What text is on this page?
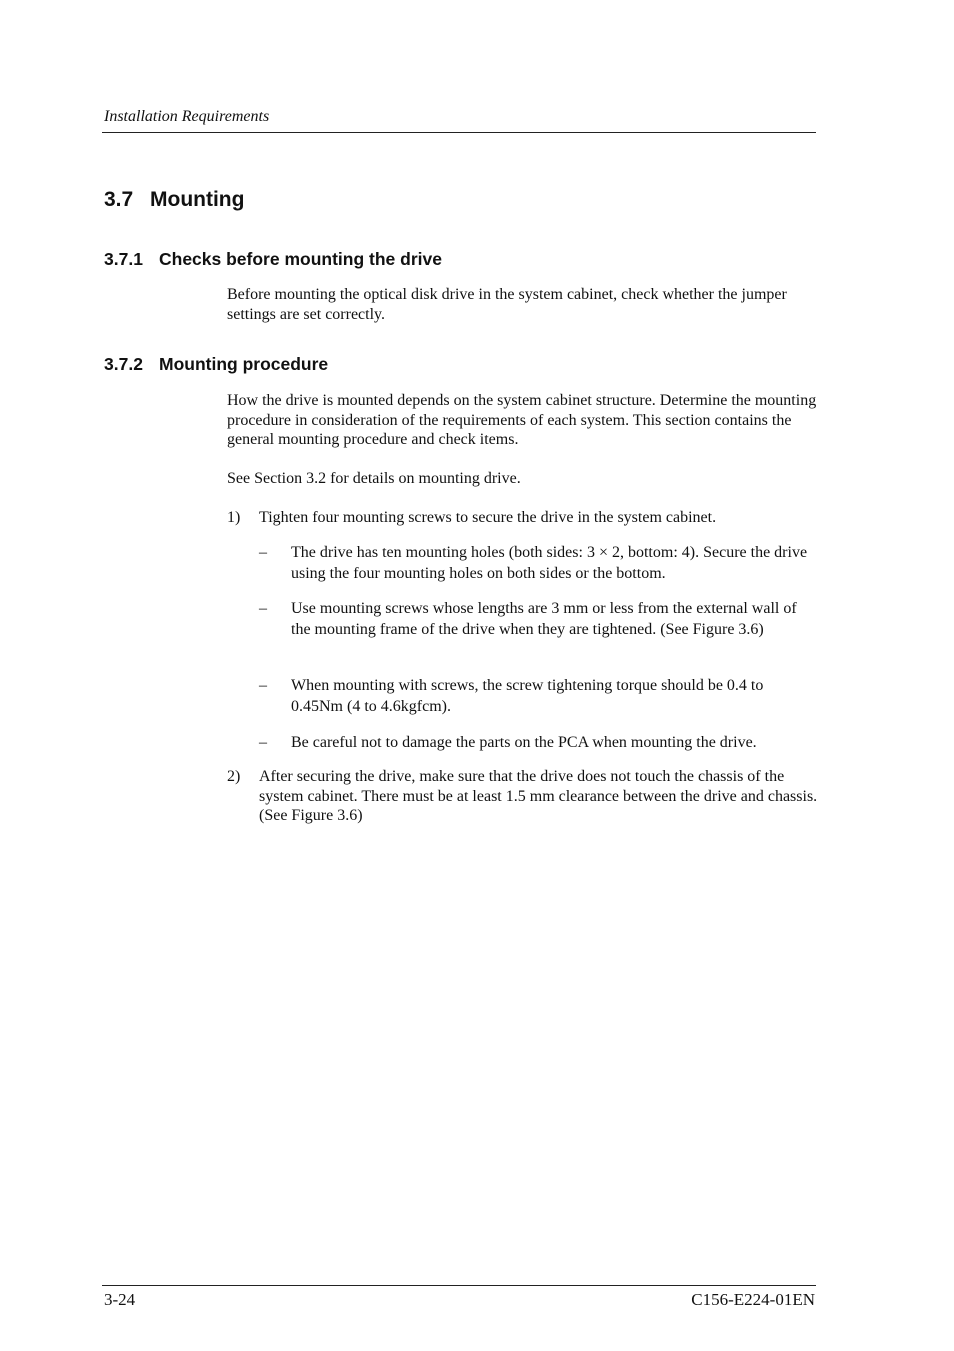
Installation Requirements
3.7 Mounting
3.7.1 Checks before mounting the drive
Before mounting the optical disk drive in the system cabinet, check whether the jumper settings are set correctly.
3.7.2 Mounting procedure
How the drive is mounted depends on the system cabinet structure. Determine the mounting procedure in consideration of the requirements of each system. This section contains the general mounting procedure and check items.
See Section 3.2 for details on mounting drive.
1) Tighten four mounting screws to secure the drive in the system cabinet.
– The drive has ten mounting holes (both sides: 3 × 2, bottom: 4). Secure the drive using the four mounting holes on both sides or the bottom.
– Use mounting screws whose lengths are 3 mm or less from the external wall of the mounting frame of the drive when they are tightened. (See Figure 3.6)
– When mounting with screws, the screw tightening torque should be 0.4 to 0.45Nm (4 to 4.6kgfcm).
– Be careful not to damage the parts on the PCA when mounting the drive.
2) After securing the drive, make sure that the drive does not touch the chassis of the system cabinet. There must be at least 1.5 mm clearance between the drive and chassis. (See Figure 3.6)
3-24	C156-E224-01EN
